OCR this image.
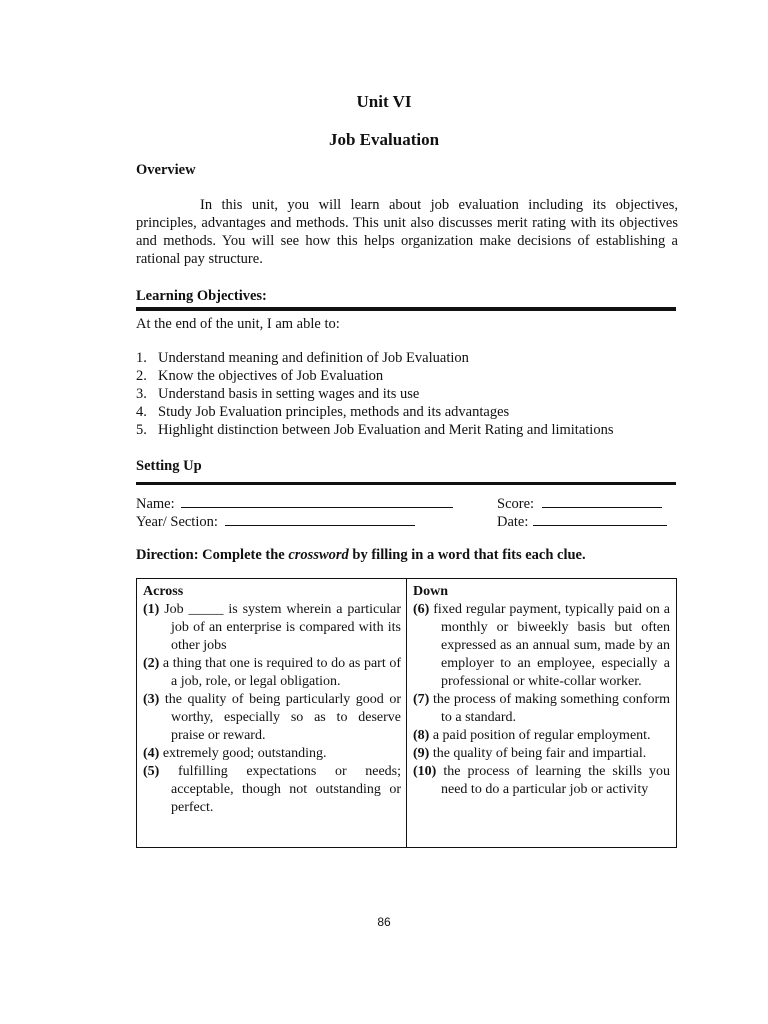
Unit VI
Job Evaluation
Overview
In this unit, you will learn about job evaluation including its objectives, principles, advantages and methods. This unit also discusses merit rating with its objectives and methods. You will see how this helps organization make decisions of establishing a rational pay structure.
Learning Objectives:
At the end of the unit, I am able to:
1. Understand meaning and definition of Job Evaluation
2. Know the objectives of Job Evaluation
3. Understand basis in setting wages and its use
4. Study Job Evaluation principles, methods and its advantages
5. Highlight distinction between Job Evaluation and Merit Rating and limitations
Setting Up
Name:
Year/ Section:
Score:
Date:
Direction: Complete the crossword by filling in a word that fits each clue.
Across
(1) Job _____ is system wherein a particular job of an enterprise is compared with its other jobs
(2) a thing that one is required to do as part of a job, role, or legal obligation.
(3) the quality of being particularly good or worthy, especially so as to deserve praise or reward.
(4) extremely good; outstanding.
(5) fulfilling expectations or needs; acceptable, though not outstanding or perfect.
Down
(6) fixed regular payment, typically paid on a monthly or biweekly basis but often expressed as an annual sum, made by an employer to an employee, especially a professional or white-collar worker.
(7) the process of making something conform to a standard.
(8) a paid position of regular employment.
(9) the quality of being fair and impartial.
(10) the process of learning the skills you need to do a particular job or activity
86
